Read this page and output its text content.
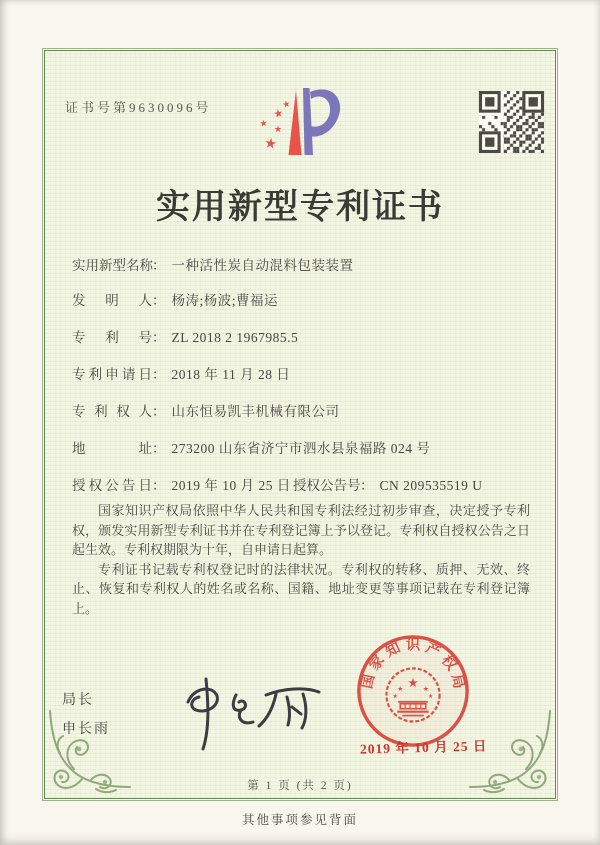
证书号第9630096号	★
★
★
★
★
实用新型专利证书
实用新型名称： 一种活性炭自动混料包装装置
发明人： 杨涛;杨波;曹福运
专利号： ZL 2018 2 1967985.5
专利申请日： 2018 年 11 月 28 日
专利权人： 山东恒易凯丰机械有限公司
地址： 273200 山东省济宁市泗水县泉福路 024 号
授权公告日： 2019 年 10 月 25 日 授权公告号： CN 209535519 U

国家知识产权局依照中华人民共和国专利法经过初步审查，决定授予专利权，颁发实用新型专利证书并在专利登记簿上予以登记。专利权自授权公告之日起生效。专利权期限为十年，自申请日起算。

专利证书记载专利权登记时的法律状况。专利权的转移、质押、无效、终止、恢复和专利权人的姓名或名称、国籍、地址变更等事项记载在专利登记簿上。

局长
申长雨
国
家
知 识 产
权
局
★
★	★
★	★
2019 年 10 月 25 日
第 1 页 (共 2 页)
其他事项参见背面
